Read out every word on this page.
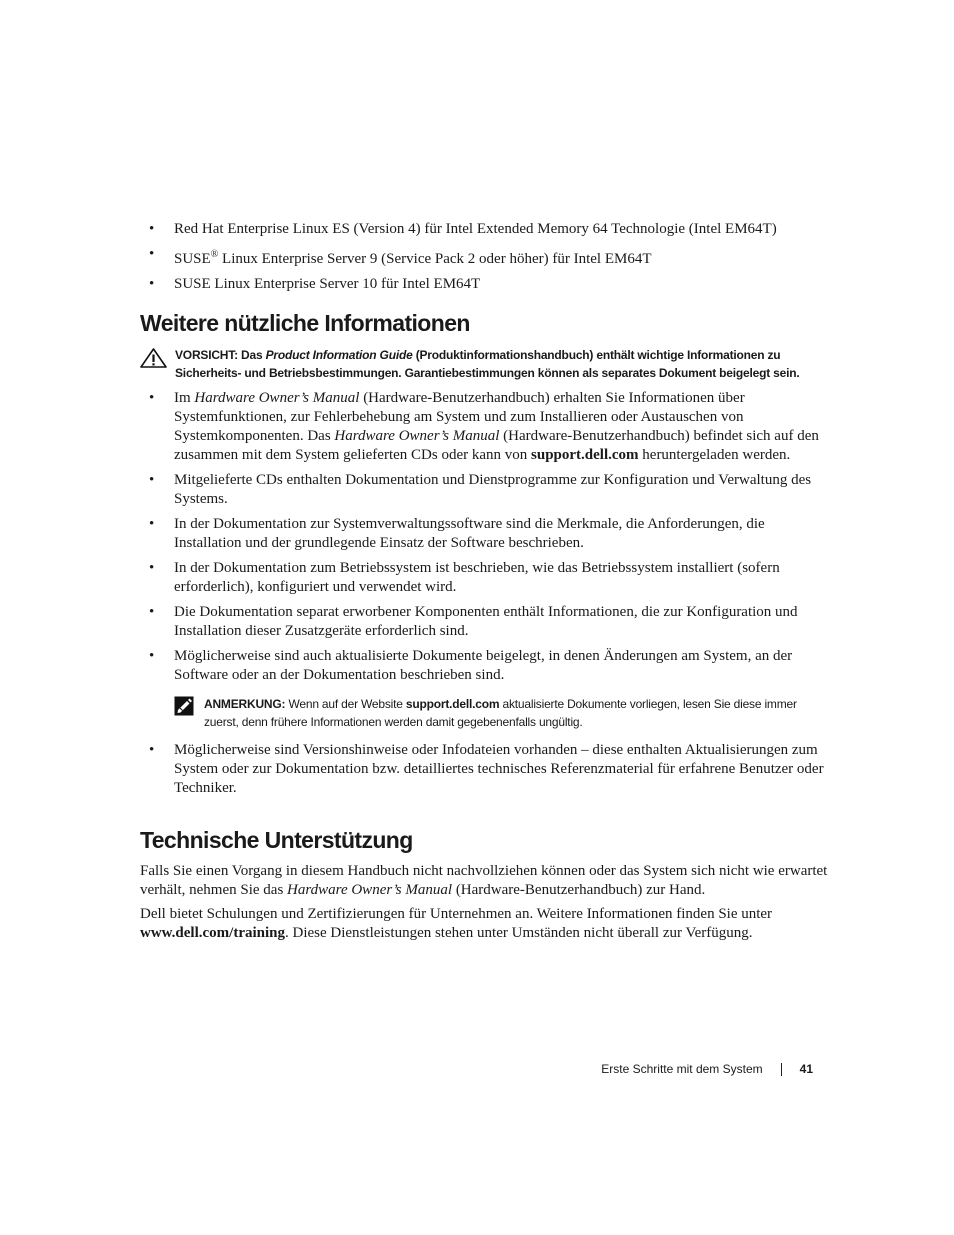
• Red Hat Enterprise Linux ES (Version 4) für Intel Extended Memory 64 Technologie (Intel EM64T)
• SUSE® Linux Enterprise Server 9 (Service Pack 2 oder höher) für Intel EM64T
• SUSE Linux Enterprise Server 10 für Intel EM64T
Weitere nützliche Informationen
VORSICHT: Das Product Information Guide (Produktinformationshandbuch) enthält wichtige Informationen zu Sicherheits- und Betriebsbestimmungen. Garantiebestimmungen können als separates Dokument beigelegt sein.
• Im Hardware Owner’s Manual (Hardware-Benutzerhandbuch) erhalten Sie Informationen über Systemfunktionen, zur Fehlerbehebung am System und zum Installieren oder Austauschen von Systemkomponenten. Das Hardware Owner’s Manual (Hardware-Benutzerhandbuch) befindet sich auf den zusammen mit dem System gelieferten CDs oder kann von support.dell.com heruntergeladen werden.
• Mitgelieferte CDs enthalten Dokumentation und Dienstprogramme zur Konfiguration und Verwaltung des Systems.
• In der Dokumentation zur Systemverwaltungssoftware sind die Merkmale, die Anforderungen, die Installation und der grundlegende Einsatz der Software beschrieben.
• In der Dokumentation zum Betriebssystem ist beschrieben, wie das Betriebssystem installiert (sofern erforderlich), konfiguriert und verwendet wird.
• Die Dokumentation separat erworbener Komponenten enthält Informationen, die zur Konfiguration und Installation dieser Zusatzgeräte erforderlich sind.
• Möglicherweise sind auch aktualisierte Dokumente beigelegt, in denen Änderungen am System, an der Software oder an der Dokumentation beschrieben sind.
ANMERKUNG: Wenn auf der Website support.dell.com aktualisierte Dokumente vorliegen, lesen Sie diese immer zuerst, denn frühere Informationen werden damit gegebenenfalls ungültig.
• Möglicherweise sind Versionshinweise oder Infodateien vorhanden – diese enthalten Aktualisierungen zum System oder zur Dokumentation bzw. detailliertes technisches Referenzmaterial für erfahrene Benutzer oder Techniker.
Technische Unterstützung

Falls Sie einen Vorgang in diesem Handbuch nicht nachvollziehen können oder das System sich nicht wie erwartet verhält, nehmen Sie das Hardware Owner’s Manual (Hardware-Benutzerhandbuch) zur Hand.

Dell bietet Schulungen und Zertifizierungen für Unternehmen an. Weitere Informationen finden Sie unter www.dell.com/training. Diese Dienstleistungen stehen unter Umständen nicht überall zur Verfügung.

Erste Schritte mit dem System	41
